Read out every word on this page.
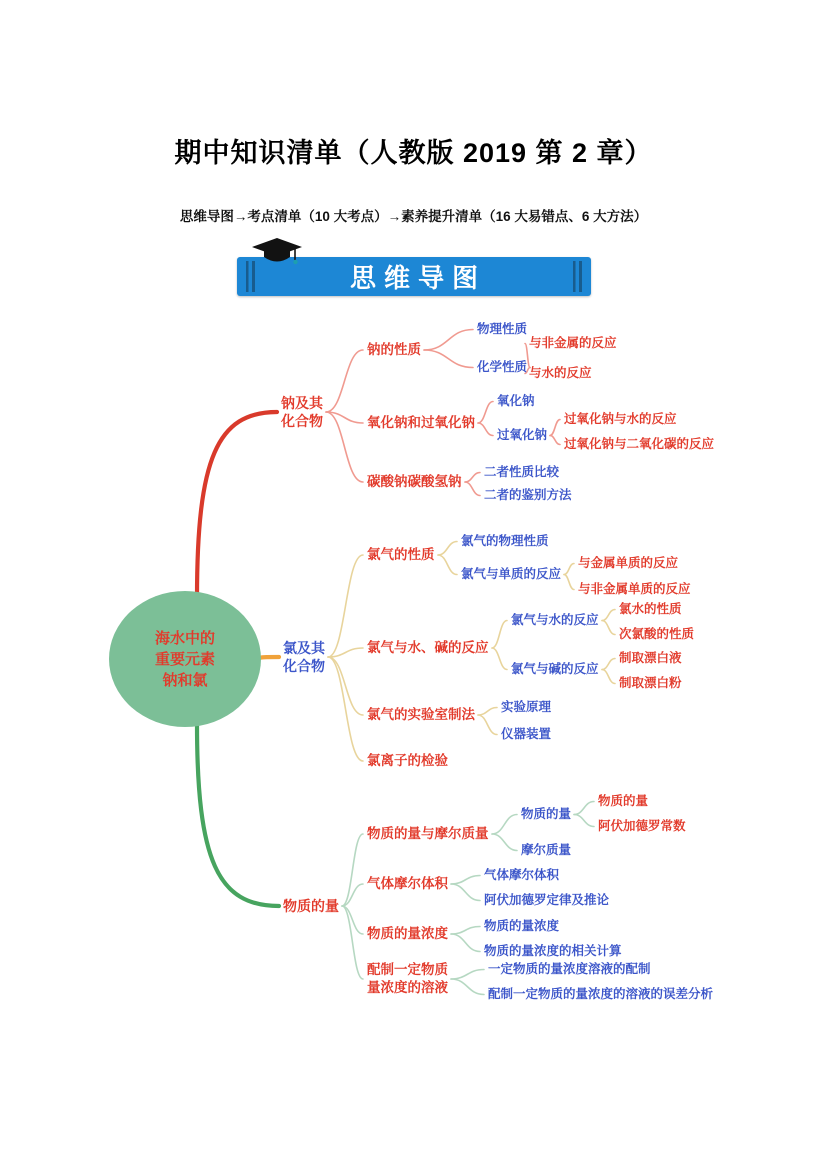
期中知识清单（人教版 2019 第 2 章）
思维导图→考点清单（10 大考点）→素养提升清单（16 大易错点、6 大方法）
思维导图
海水中的
重要元素
钠和氯
钠及其
化合物
钠的性质
物理性质
化学性质
与非金属的反应
与水的反应
氧化钠和过氧化钠
氧化钠
过氧化钠
过氧化钠与水的反应
过氧化钠与二氧化碳的反应
碳酸钠碳酸氢钠
二者性质比较
二者的鉴别方法
氯及其
化合物
氯气的性质
氯气的物理性质
氯气与单质的反应
与金属单质的反应
与非金属单质的反应
氯气与水、碱的反应
氯气与水的反应
氯水的性质
次氯酸的性质
氯气与碱的反应
制取漂白液
制取漂白粉
氯气的实验室制法 实验原理
仪器装置
氯离子的检验
物质的量
物质的量与摩尔质量
物质的量
物质的量
阿伏加德罗常数
摩尔质量
气体摩尔体积
气体摩尔体积
阿伏加德罗定律及推论
物质的量浓度	物质的量浓度
物质的量浓度的相关计算
配制一定物质
量浓度的溶液
一定物质的量浓度溶液的配制
配制一定物质的量浓度的溶液的误差分析
